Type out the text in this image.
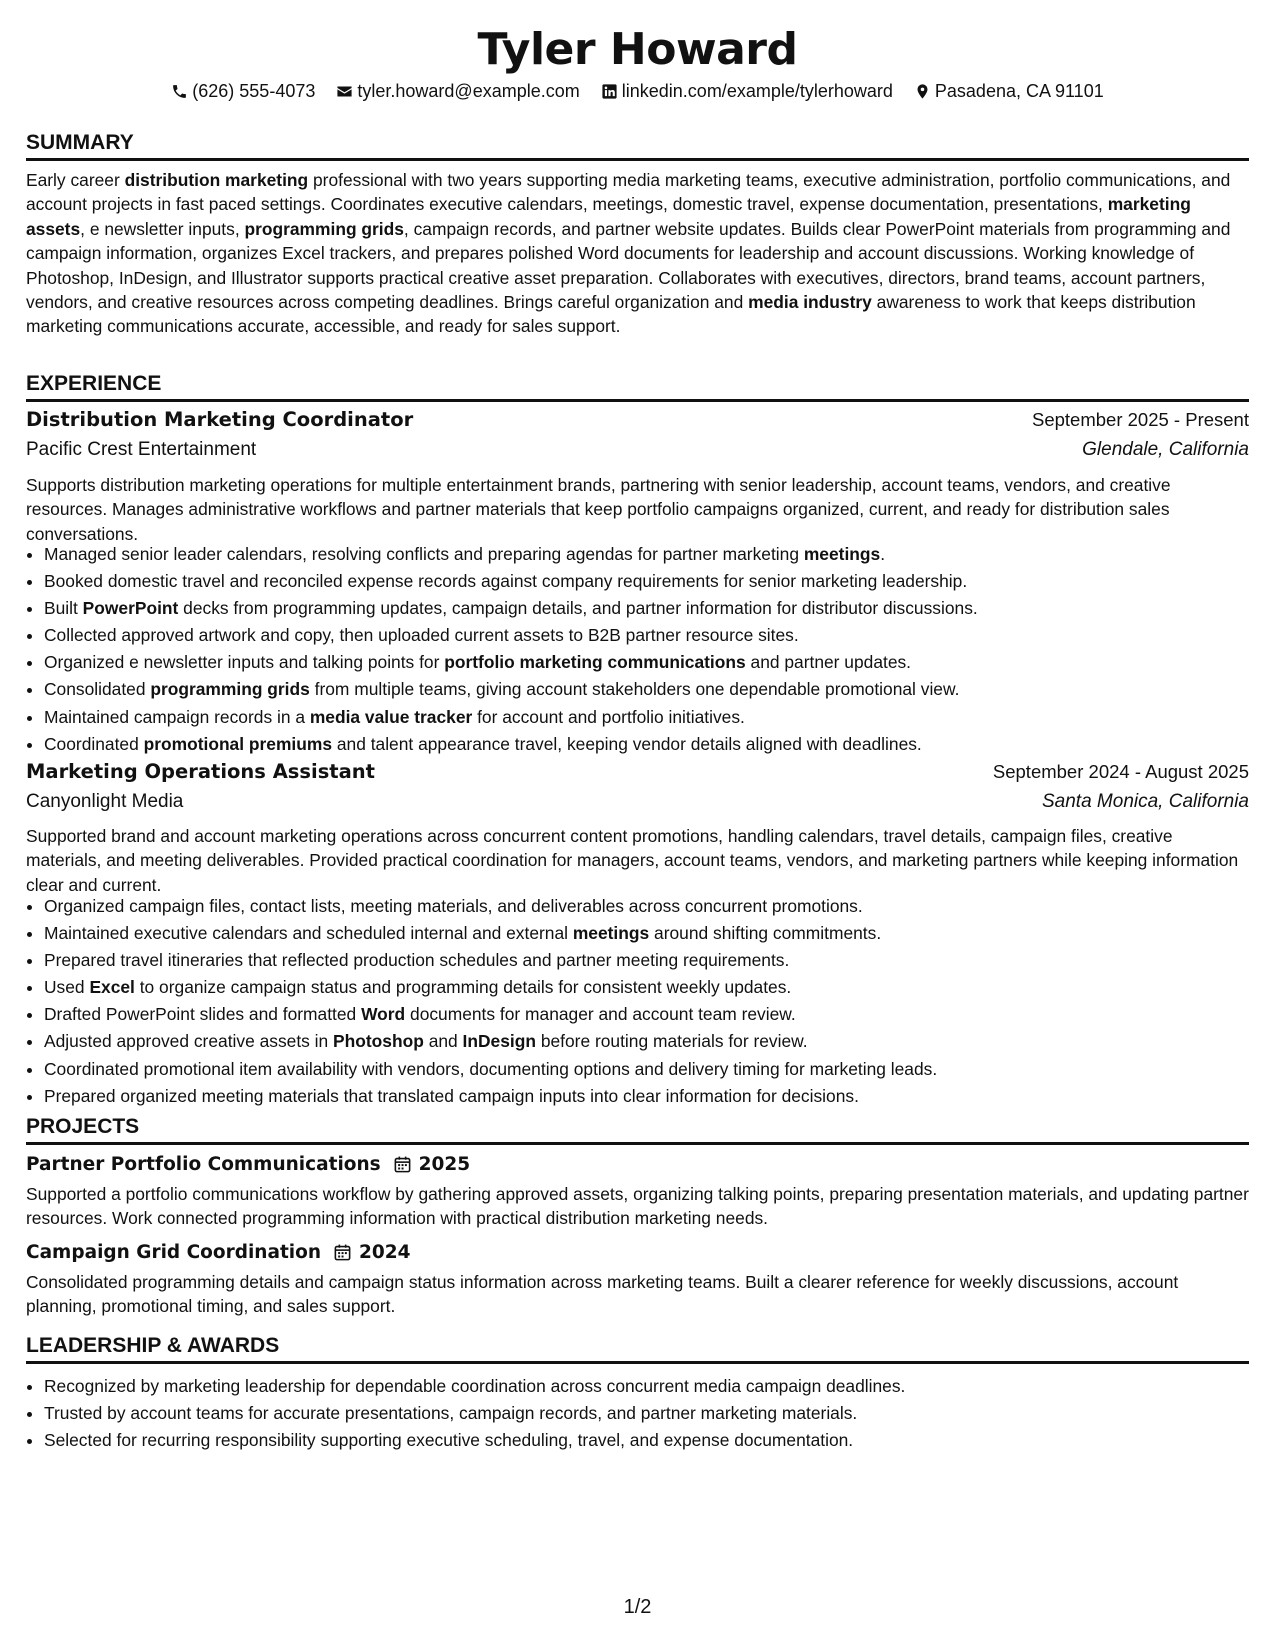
Tyler Howard
(626) 555-4073
tyler.howard@example.com
linkedin.com/example/tylerhoward
Pasadena, CA 91101
SUMMARY
Early career distribution marketing professional with two years supporting media marketing teams, executive administration, portfolio communications, and account projects in fast paced settings. Coordinates executive calendars, meetings, domestic travel, expense documentation, presentations, marketing assets, e newsletter inputs, programming grids, campaign records, and partner website updates. Builds clear PowerPoint materials from programming and campaign information, organizes Excel trackers, and prepares polished Word documents for leadership and account discussions. Working knowledge of Photoshop, InDesign, and Illustrator supports practical creative asset preparation. Collaborates with executives, directors, brand teams, account partners, vendors, and creative resources across competing deadlines. Brings careful organization and media industry awareness to work that keeps distribution marketing communications accurate, accessible, and ready for sales support.
EXPERIENCE
Distribution Marketing Coordinator	September 2025 - Present
Pacific Crest Entertainment	Glendale, California
Supports distribution marketing operations for multiple entertainment brands, partnering with senior leadership, account teams, vendors, and creative resources. Manages administrative workflows and partner materials that keep portfolio campaigns organized, current, and ready for distribution sales conversations.
• Managed senior leader calendars, resolving conflicts and preparing agendas for partner marketing meetings.
• Booked domestic travel and reconciled expense records against company requirements for senior marketing leadership.
• Built PowerPoint decks from programming updates, campaign details, and partner information for distributor discussions.
• Collected approved artwork and copy, then uploaded current assets to B2B partner resource sites.
• Organized e newsletter inputs and talking points for portfolio marketing communications and partner updates.
• Consolidated programming grids from multiple teams, giving account stakeholders one dependable promotional view.
• Maintained campaign records in a media value tracker for account and portfolio initiatives.
• Coordinated promotional premiums and talent appearance travel, keeping vendor details aligned with deadlines.
Marketing Operations Assistant	September 2024 - August 2025
Canyonlight Media	Santa Monica, California
Supported brand and account marketing operations across concurrent content promotions, handling calendars, travel details, campaign files, creative materials, and meeting deliverables. Provided practical coordination for managers, account teams, vendors, and marketing partners while keeping information clear and current.
• Organized campaign files, contact lists, meeting materials, and deliverables across concurrent promotions.
• Maintained executive calendars and scheduled internal and external meetings around shifting commitments.
• Prepared travel itineraries that reflected production schedules and partner meeting requirements.
• Used Excel to organize campaign status and programming details for consistent weekly updates.
• Drafted PowerPoint slides and formatted Word documents for manager and account team review.
• Adjusted approved creative assets in Photoshop and InDesign before routing materials for review.
• Coordinated promotional item availability with vendors, documenting options and delivery timing for marketing leads.
• Prepared organized meeting materials that translated campaign inputs into clear information for decisions.
PROJECTS
Partner Portfolio Communications 2025
Supported a portfolio communications workflow by gathering approved assets, organizing talking points, preparing presentation materials, and updating partner resources. Work connected programming information with practical distribution marketing needs.
Campaign Grid Coordination 2024
Consolidated programming details and campaign status information across marketing teams. Built a clearer reference for weekly discussions, account planning, promotional timing, and sales support.
LEADERSHIP & AWARDS
• Recognized by marketing leadership for dependable coordination across concurrent media campaign deadlines.
• Trusted by account teams for accurate presentations, campaign records, and partner marketing materials.
• Selected for recurring responsibility supporting executive scheduling, travel, and expense documentation.
1/2
